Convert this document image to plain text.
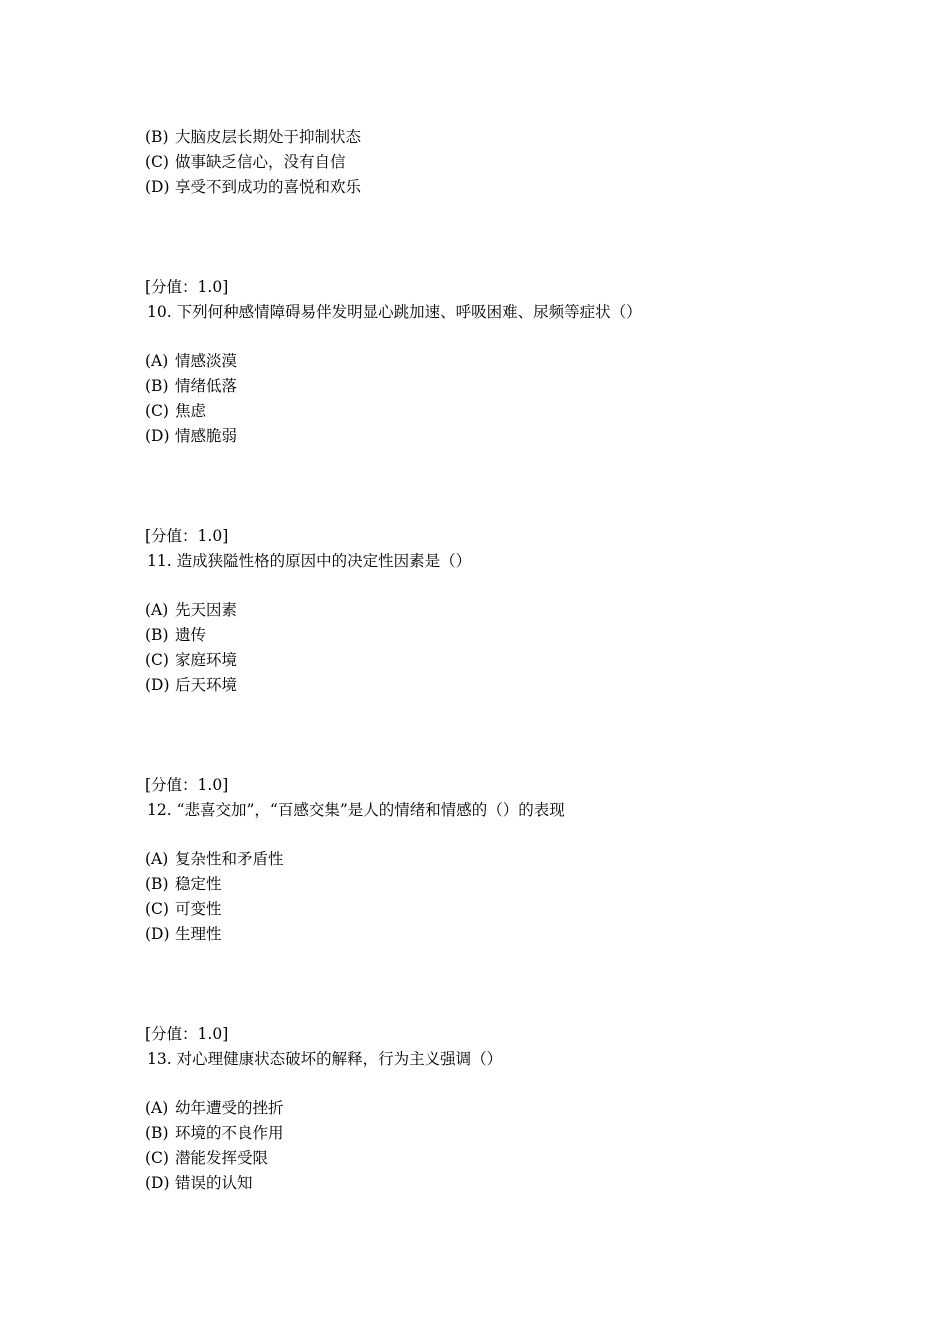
(B) 大脑皮层长期处于抑制状态
(C) 做事缺乏信心，没有自信
(D) 享受不到成功的喜悦和欢乐
[分值：1.0]
10. 下列何种感情障碍易伴发明显心跳加速、呼吸困难、尿频等症状（）
(A) 情感淡漠
(B) 情绪低落
(C) 焦虑
(D) 情感脆弱
[分值：1.0]
11. 造成狭隘性格的原因中的决定性因素是（）
(A) 先天因素
(B) 遗传
(C) 家庭环境
(D) 后天环境
[分值：1.0]
12. “悲喜交加”，“百感交集”是人的情绪和情感的（）的表现
(A) 复杂性和矛盾性
(B) 稳定性
(C) 可变性
(D) 生理性
[分值：1.0]
13. 对心理健康状态破坏的解释，行为主义强调（）
(A) 幼年遭受的挫折
(B) 环境的不良作用
(C) 潜能发挥受限
(D) 错误的认知
